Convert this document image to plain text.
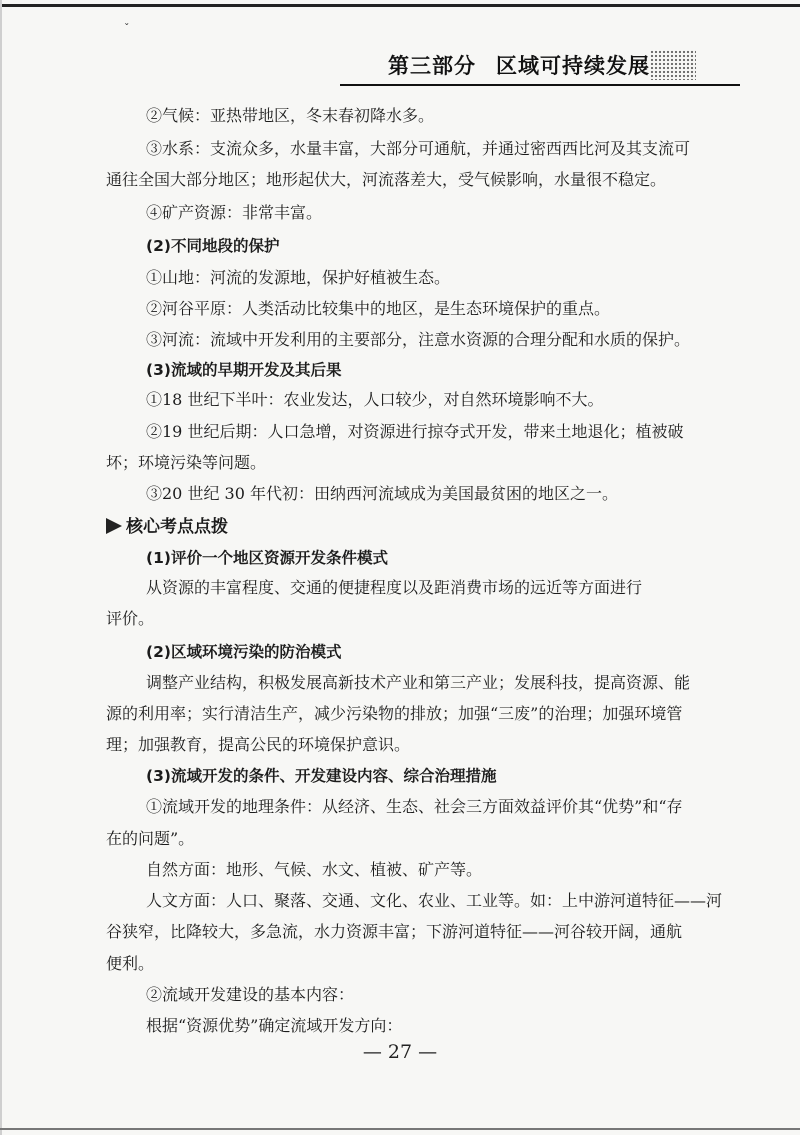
ˇ
第三部分 区域可持续发展
②气候：亚热带地区，冬末春初降水多。
③水系：支流众多，水量丰富，大部分可通航，并通过密西西比河及其支流可
通往全国大部分地区；地形起伏大，河流落差大，受气候影响，水量很不稳定。
④矿产资源：非常丰富。
(2)不同地段的保护
①山地：河流的发源地，保护好植被生态。
②河谷平原：人类活动比较集中的地区，是生态环境保护的重点。
③河流：流域中开发利用的主要部分，注意水资源的合理分配和水质的保护。
(3)流域的早期开发及其后果
①18 世纪下半叶：农业发达，人口较少，对自然环境影响不大。
②19 世纪后期：人口急增，对资源进行掠夺式开发，带来土地退化；植被破
坏；环境污染等问题。
③20 世纪 30 年代初：田纳西河流域成为美国最贫困的地区之一。
核心考点点拨
(1)评价一个地区资源开发条件模式
从资源的丰富程度、交通的便捷程度以及距消费市场的远近等方面进行
评价。
(2)区域环境污染的防治模式
调整产业结构，积极发展高新技术产业和第三产业；发展科技，提高资源、能
源的利用率；实行清洁生产，减少污染物的排放；加强“三废”的治理；加强环境管
理；加强教育，提高公民的环境保护意识。
(3)流域开发的条件、开发建设内容、综合治理措施
①流域开发的地理条件：从经济、生态、社会三方面效益评价其“优势”和“存
在的问题”。
自然方面：地形、气候、水文、植被、矿产等。
人文方面：人口、聚落、交通、文化、农业、工业等。如：上中游河道特征——河
谷狭窄，比降较大，多急流，水力资源丰富；下游河道特征——河谷较开阔，通航
便利。
②流域开发建设的基本内容：
根据“资源优势”确定流域开发方向：
— 27 —
